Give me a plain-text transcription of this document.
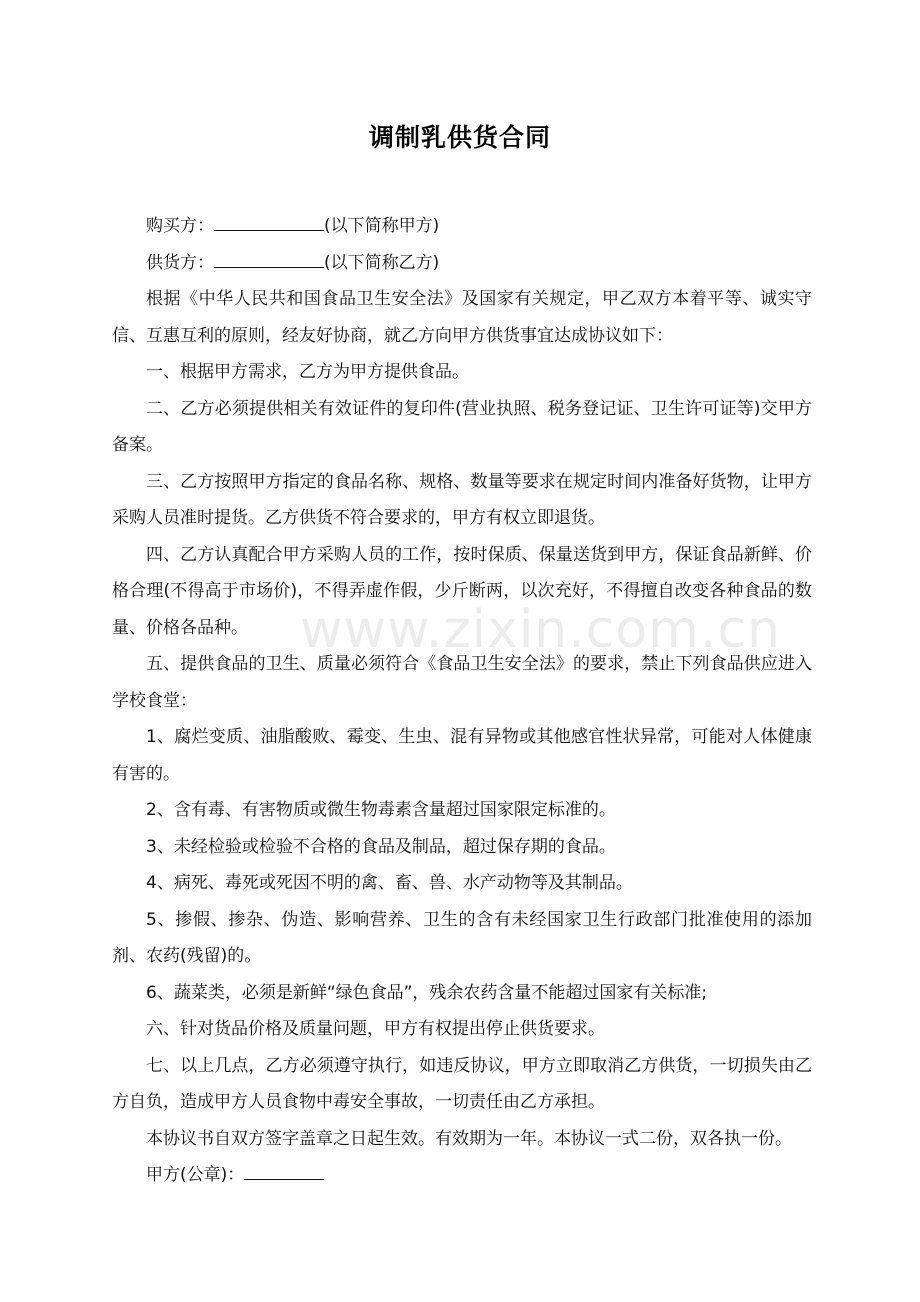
调制乳供货合同
www.zixin.com.cn

购买方：	(以下简称甲方)

供货方：	(以下简称乙方)

根据《中华人民共和国食品卫生安全法》及国家有关规定，甲乙双方本着平等、诚实守信、互惠互利的原则，经友好协商，就乙方向甲方供货事宜达成协议如下：

一、根据甲方需求，乙方为甲方提供食品。

二、乙方必须提供相关有效证件的复印件(营业执照、税务登记证、卫生许可证等)交甲方备案。

三、乙方按照甲方指定的食品名称、规格、数量等要求在规定时间内准备好货物，让甲方采购人员准时提货。乙方供货不符合要求的，甲方有权立即退货。

四、乙方认真配合甲方采购人员的工作，按时保质、保量送货到甲方，保证食品新鲜、价格合理(不得高于市场价)，不得弄虚作假，少斤断两，以次充好，不得擅自改变各种食品的数量、价格各品种。

五、提供食品的卫生、质量必须符合《食品卫生安全法》的要求，禁止下列食品供应进入学校食堂：

1、腐烂变质、油脂酸败、霉变、生虫、混有异物或其他感官性状异常，可能对人体健康有害的。

2、含有毒、有害物质或微生物毒素含量超过国家限定标准的。

3、未经检验或检验不合格的食品及制品，超过保存期的食品。

4、病死、毒死或死因不明的禽、畜、兽、水产动物等及其制品。

5、掺假、掺杂、伪造、影响营养、卫生的含有未经国家卫生行政部门批准使用的添加剂、农药(残留)的。

6、蔬菜类，必须是新鲜“绿色食品”，残余农药含量不能超过国家有关标准;

六、针对货品价格及质量问题，甲方有权提出停止供货要求。

七、以上几点，乙方必须遵守执行，如违反协议，甲方立即取消乙方供货，一切损失由乙方自负，造成甲方人员食物中毒安全事故，一切责任由乙方承担。

本协议书自双方签字盖章之日起生效。有效期为一年。本协议一式二份，双各执一份。

甲方(公章)：
